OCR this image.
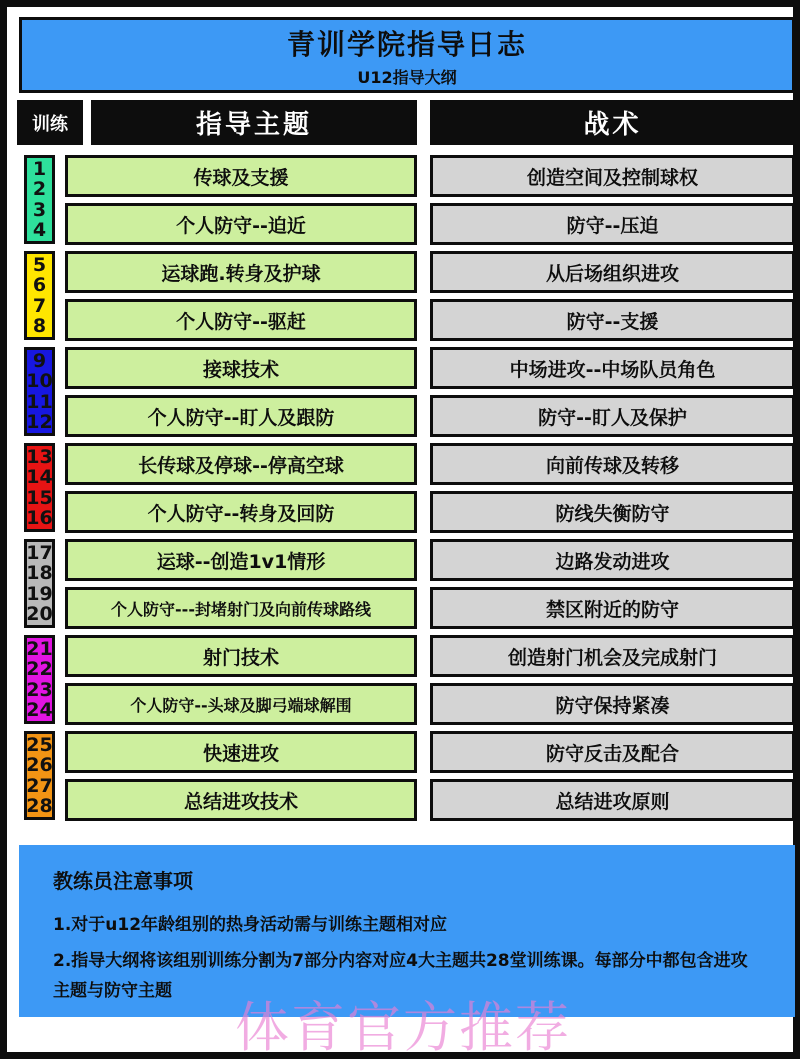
青训学院指导日志
U12指导大纲
训练	指导主题	战术
1
2
3
4
5
6
7
8
9
10
11
12
13
14
15
16
17
18
19
20
21
22
23
24
25
26
27
28
传球及支援
个人防守--迫近
运球跑.转身及护球
个人防守--驱赶
接球技术
个人防守--盯人及跟防
长传球及停球--停高空球
个人防守--转身及回防
运球--创造1v1情形
个人防守---封堵射门及向前传球路线
射门技术
个人防守--头球及脚弓端球解围
快速进攻
总结进攻技术
创造空间及控制球权
防守--压迫
从后场组织进攻
防守--支援
中场进攻--中场队员角色
防守--盯人及保护
向前传球及转移
防线失衡防守
边路发动进攻
禁区附近的防守
创造射门机会及完成射门
防守保持紧凑
防守反击及配合
总结进攻原则
教练员注意事项
1.对于u12年龄组别的热身活动需与训练主题相对应
2.指导大纲将该组别训练分割为7部分内容对应4大主题共28堂训练课。每部分中都包含进攻主题与防守主题
体育官方推荐
